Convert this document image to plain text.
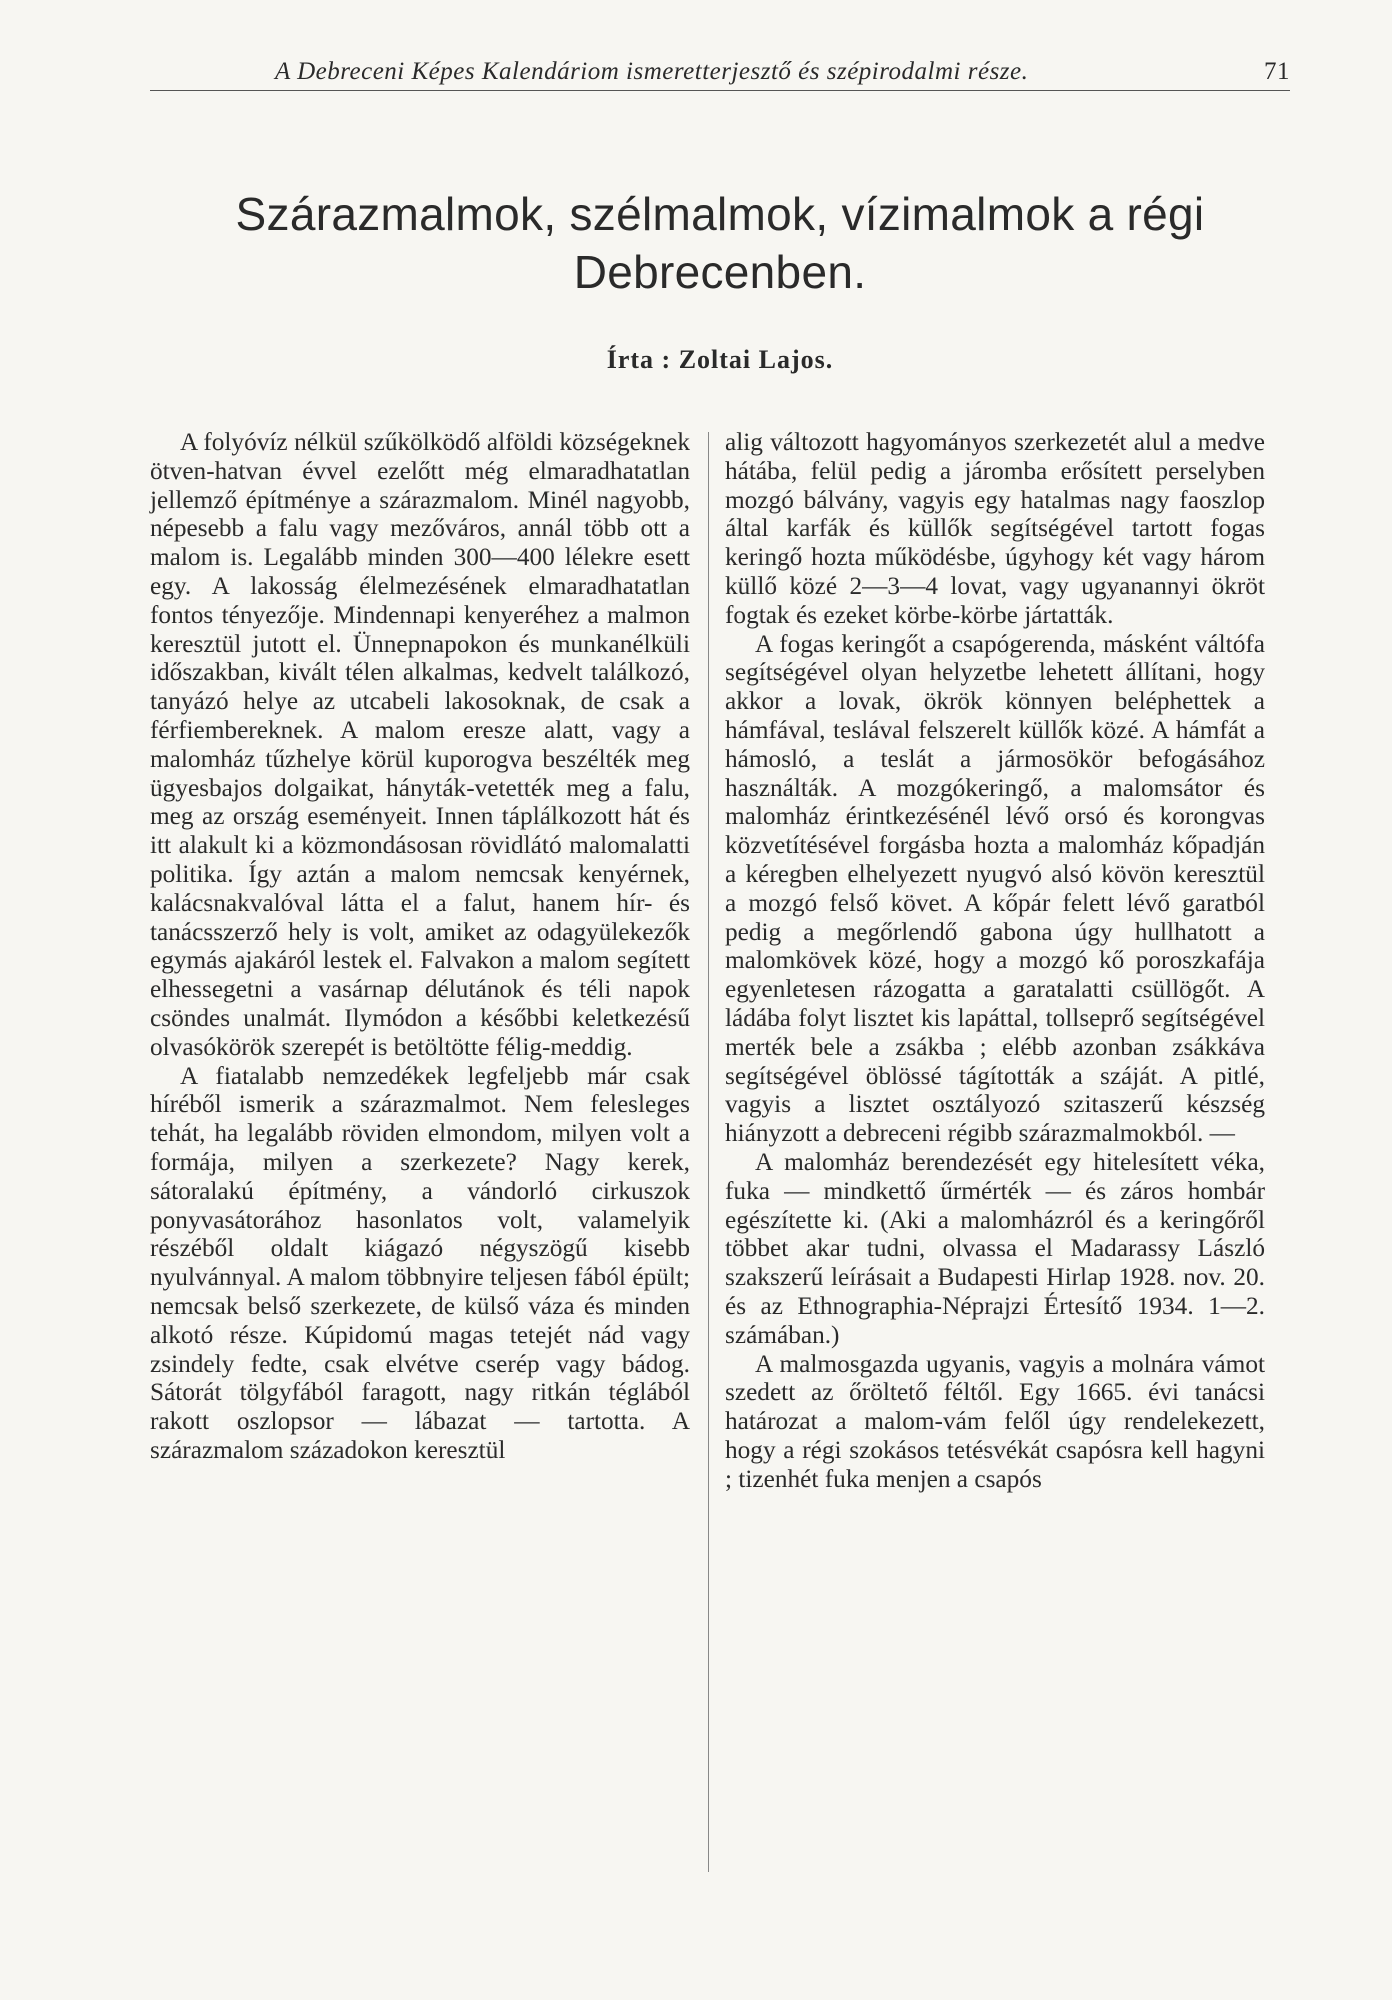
A Debreceni Képes Kalendáriom ismeretterjesztő és szépirodalmi része.	71
Szárazmalmok, szélmalmok, vízimalmok a régi
Debrecenben.
Írta : Zoltai Lajos.

A folyóvíz nélkül szűkölködő alföldi községeknek ötven-hatvan évvel ezelőtt még elmaradhatatlan jellemző építménye a szárazmalom. Minél nagyobb, népesebb a falu vagy mezőváros, annál több ott a malom is. Legalább minden 300—400 lélekre esett egy. A lakosság élelmezésének elmaradhatatlan fontos tényezője. Mindennapi kenyeréhez a malmon keresztül jutott el. Ünnepnapokon és munkanélküli időszakban, kivált télen alkalmas, kedvelt találkozó, tanyázó helye az utcabeli lakosoknak, de csak a férfiembereknek. A malom eresze alatt, vagy a malomház tűzhelye körül kuporogva beszélték meg ügyesbajos dolgaikat, hányták-vetették meg a falu, meg az ország eseményeit. Innen táplálkozott hát és itt alakult ki a közmondásosan rövidlátó malomalatti politika. Így aztán a malom nemcsak kenyérnek, kalácsnakvalóval látta el a falut, hanem hír- és tanácsszerző hely is volt, amiket az odagyülekezők egymás ajakáról lestek el. Falvakon a malom segített elhessegetni a vasárnap délutánok és téli napok csöndes unalmát. Ilymódon a későbbi keletkezésű olvasókörök szerepét is betöltötte félig-meddig.

A fiatalabb nemzedékek legfeljebb már csak híréből ismerik a szárazmalmot. Nem felesleges tehát, ha legalább röviden elmondom, milyen volt a formája, milyen a szerkezete? Nagy kerek, sátoralakú építmény, a vándorló cirkuszok ponyvasátorához hasonlatos volt, valamelyik részéből oldalt kiágazó négyszögű kisebb nyulvánnyal. A malom többnyire teljesen fából épült; nemcsak belső szerkezete, de külső váza és minden alkotó része. Kúpidomú magas tetejét nád vagy zsindely fedte, csak elvétve cserép vagy bádog. Sátorát tölgyfából faragott, nagy ritkán téglából rakott oszlopsor — lábazat — tartotta. A szárazmalom századokon keresztül

alig változott hagyományos szerkezetét alul a medve hátába, felül pedig a járomba erősített perselyben mozgó bálvány, vagyis egy hatalmas nagy faoszlop által karfák és küllők segítségével tartott fogas keringő hozta működésbe, úgyhogy két vagy három küllő közé 2—3—4 lovat, vagy ugyanannyi ökröt fogtak és ezeket körbe-körbe jártatták.

A fogas keringőt a csapógerenda, másként váltófa segítségével olyan helyzetbe lehetett állítani, hogy akkor a lovak, ökrök könnyen beléphettek a hámfával, teslával felszerelt küllők közé. A hámfát a hámosló, a teslát a jármosökör befogásához használták. A mozgókeringő, a malomsátor és malomház érintkezésénél lévő orsó és korongvas közvetítésével forgásba hozta a malomház kőpadján a kéregben elhelyezett nyugvó alsó kövön keresztül a mozgó felső követ. A kőpár felett lévő garatból pedig a megőrlendő gabona úgy hullhatott a malomkövek közé, hogy a mozgó kő poroszkafája egyenletesen rázogatta a garatalatti csüllögőt. A ládába folyt lisztet kis lapáttal, tollseprő segítségével merték bele a zsákba ; elébb azonban zsákkáva segítségével öblössé tágították a száját. A pitlé, vagyis a lisztet osztályozó szitaszerű készség hiányzott a debreceni régibb szárazmalmokból. —

A malomház berendezését egy hitelesített véka, fuka — mindkettő űrmérték — és záros hombár egészítette ki. (Aki a malomházról és a keringőről többet akar tudni, olvassa el Madarassy László szakszerű leírásait a Budapesti Hirlap 1928. nov. 20. és az Ethnographia-Néprajzi Értesítő 1934. 1—2. számában.)

A malmosgazda ugyanis, vagyis a molnára vámot szedett az őröltető féltől. Egy 1665. évi tanácsi határozat a malom-vám felől úgy rendelekezett, hogy a régi szokásos tetésvékát csapósra kell hagyni ; tizenhét fuka menjen a csapós
